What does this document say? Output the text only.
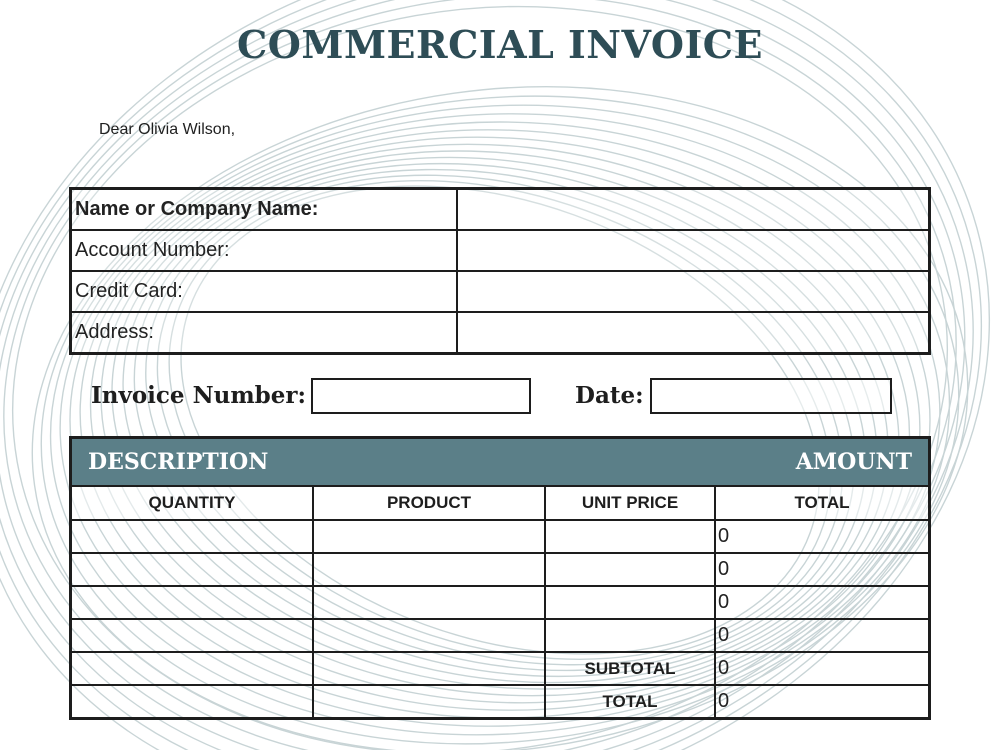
COMMERCIAL INVOICE
Dear Olivia Wilson,
Name or Company Name:	
Account Number:	
Credit Card:	
Address:	
Invoice Number:	Date:
DESCRIPTION AMOUNT			

QUANTITY	PRODUCT	UNIT PRICE	TOTAL
			0
			0
			0
			0
		SUBTOTAL	0
		TOTAL	0
